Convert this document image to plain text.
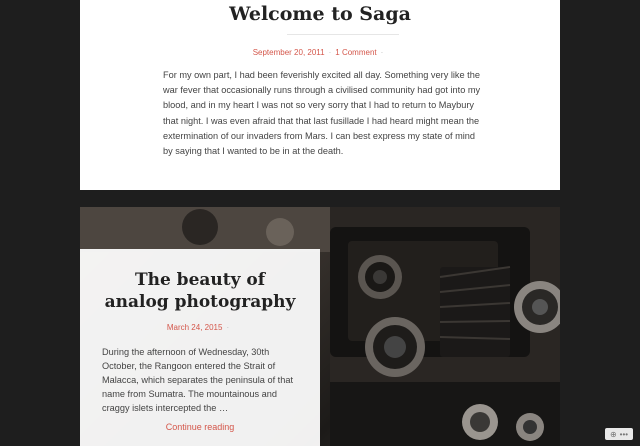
Welcome to Saga
September 20, 2011 · 1 Comment ·

For my own part, I had been feverishly excited all day. Something very like the war fever that occasionally runs through a civilised community had got into my blood, and in my heart I was not so very sorry that I had to return to Maybury that night. I was even afraid that that last fusillade I had heard might mean the extermination of our invaders from Mars. I can best express my state of mind by saying that I wanted to be in at the death.

The beauty of
analog photography
March 24, 2015 ·

During the afternoon of Wednesday, 30th October, the Rangoon entered the Strait of Malacca, which separates the peninsula of that name from Sumatra. The mountainous and craggy islets intercepted the …

Continue reading
⊕ •••
